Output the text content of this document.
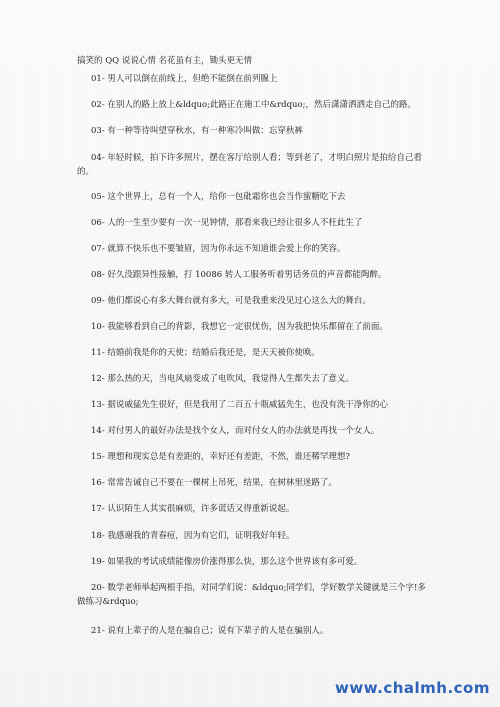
搞笑的 QQ 说说心情 名花虽有主，锄头更无情
01- 男人可以倒在前线上，但绝不能倒在前列腺上
02- 在别人的路上放上&ldquo;此路正在施工中&rdquo;，然后潇潇洒洒走自己的路。
03- 有一种等待叫望穿秋水，有一种寒冷叫做：忘穿秋裤
04- 年轻时候，拍下许多照片，摆在客厅给别人看；等到老了，才明白照片是拍给自己看的。
05- 这个世界上，总有一个人，给你一包砒霜你也会当作蜜糖吃下去
06- 人的一生至少要有一次一见钟情，那看来我已经让很多人不枉此生了
07- 就算不快乐也不要皱眉，因为你永远不知道谁会爱上你的笑容。
08- 好久没跟异性接触，打 10086 转人工服务听着男话务员的声音都能陶醉。
09- 他们都说心有多大舞台就有多大，可是我重来没见过心这么大的舞台。
10- 我能够看到自己的背影，我想它一定很忧伤，因为我把快乐都留在了前面。
11- 结婚前我是你的天使；结婚后我还是，是天天被你使唤。
12- 那么热的天，当电风扇变成了电吹风，我觉得人生都失去了意义。
13- 据说威猛先生很好，但是我用了二百五十瓶威猛先生，也没有洗干净你的心
14- 对付男人的最好办法是找个女人，而对付女人的办法就是再找一个女人。
15- 理想和现实总是有差距的，幸好还有差距，不然，谁还稀罕理想?
16- 常常告诫自己不要在一棵树上吊死，结果，在树林里迷路了。
17- 认识陌生人其实很麻烦，许多谎话又得重新说起。
18- 我感谢我的青春痘，因为有它们，证明我好年轻。
19- 如果我的考试成绩能像房价涨得那么快，那么这个世界该有多可爱。
20- 数学老师举起两根手指，对同学们说：&ldquo;同学们，学好数学关键就是三个字!多做练习&rdquo;
21- 说有上辈子的人是在骗自己；说有下辈子的人是在骗别人。
www.chalmh.com
